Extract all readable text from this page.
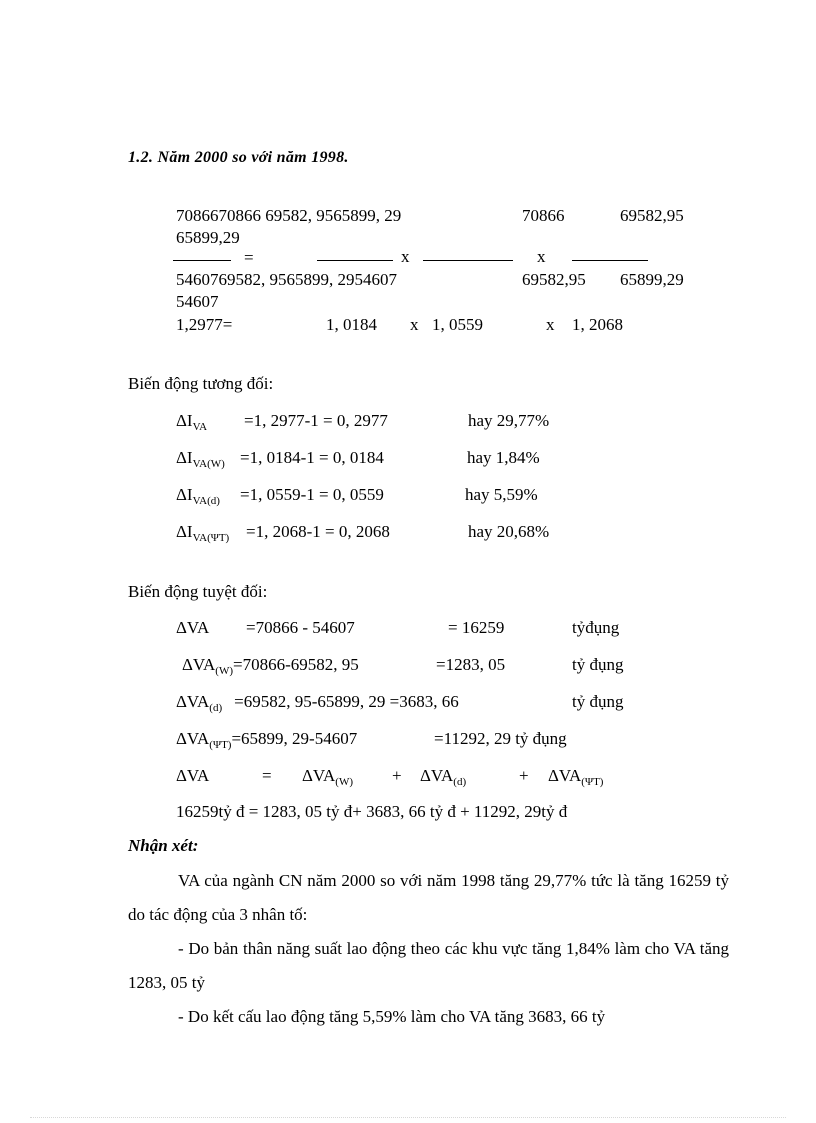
1.2. Năm 2000 so với năm 1998.
7086670866 69582, 9565899, 29	70866	69582,95
65899,29
=	x	x
5460769582, 9565899, 2954607	69582,95 65899,29
54607
1,2977=	1, 0184 x 1, 0559	x 1, 2068
Biến động tương đối:
$\Delta I_{VA} =1$, 2977-1 = 0, 2977	hay 29,77%
$\Delta I_{VA(W)} =1$, 0184-1 = 0, 0184	hay 1,84%
$\Delta I_{VA(d)} =1$, 0559-1 = 0, 0559	hay 5,59%
$\Delta I_{VA(\Psi T)} =1$, 2068-1 = 0, 2068	hay 20,68%
Biến động tuyệt đối:
ΔVA =70866 - 54607	= 16259	tỷđụng
$\Delta VA_{(W)}=70866-69582$, 95	=1283, 05	tỷ đụng
$\Delta VA_{(d)} =69582$, 95-65899, 29 =3683, 66	tỷ đụng
$\Delta VA_{(\Psi T)}=65899$, 29-54607	=11292, 29 tỷ đụng
ΔVA	= $\Delta VA_{(W)} + \Delta VA_{(d)}$	+ $\Delta VA_{(\Psi T)}$
16259tỷ đ = 1283, 05 tỷ đ+ 3683, 66 tỷ đ + 11292, 29tỷ đ
Nhận xét:
VA của ngành CN năm 2000 so với năm 1998 tăng 29,77% tức là tăng 16259 tỷ do tác động của 3 nhân tố:
- Do bản thân năng suất lao động theo các khu vực tăng 1,84% làm cho VA tăng 1283, 05 tỷ
- Do kết cấu lao động tăng 5,59% làm cho VA tăng 3683, 66 tỷ
